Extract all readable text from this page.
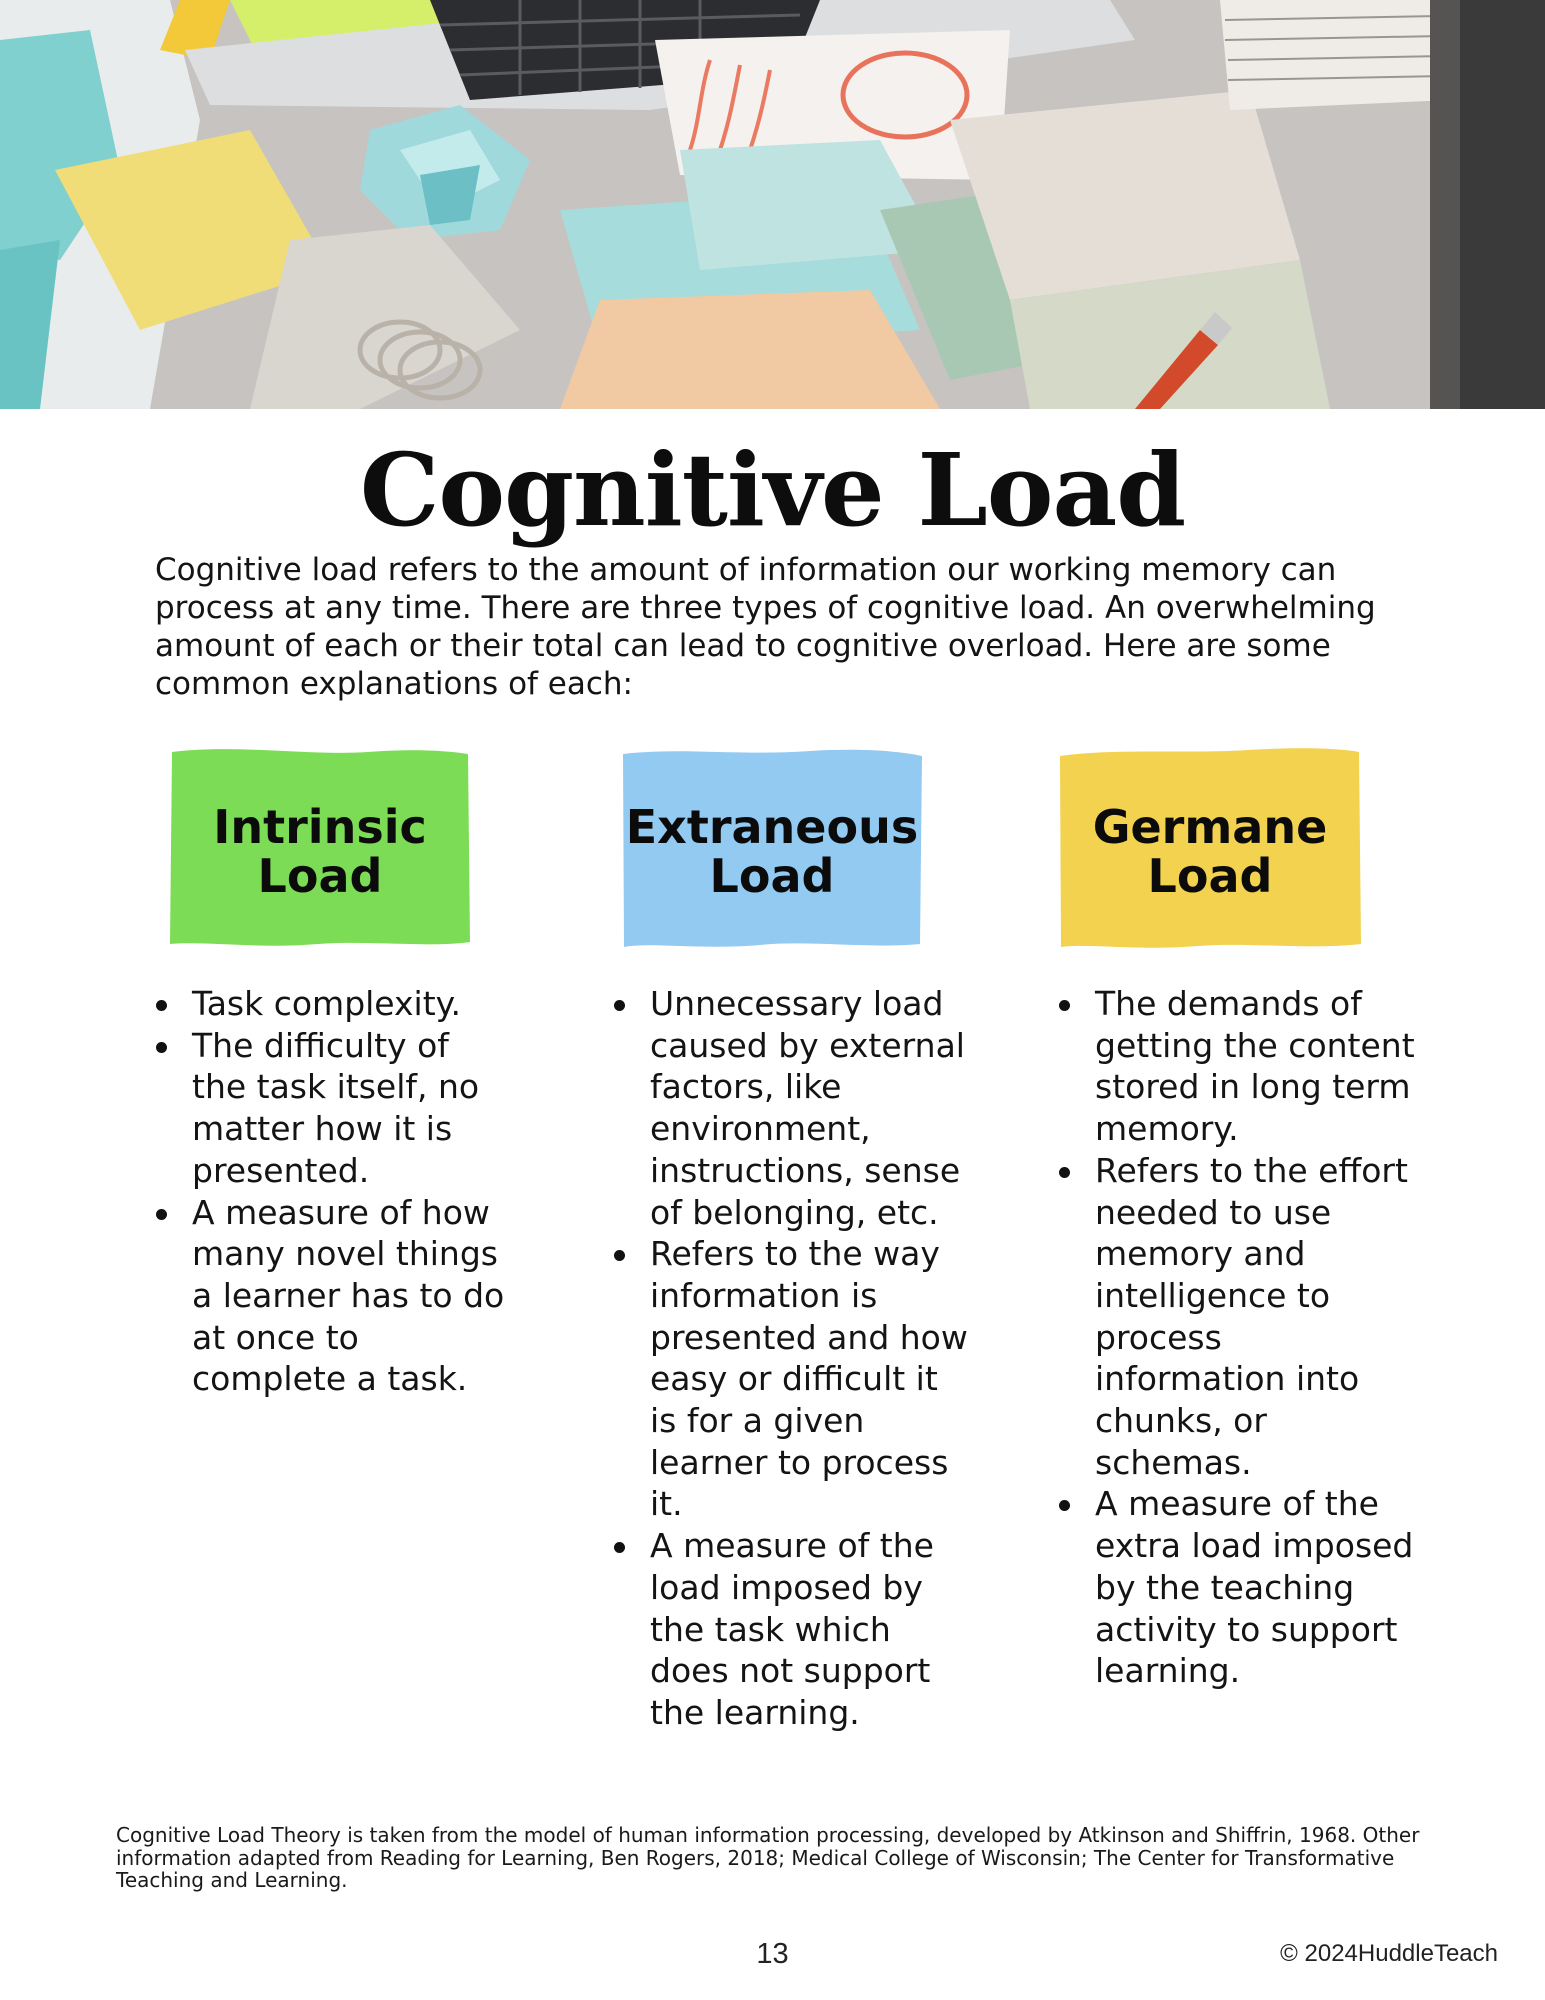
Cognitive Load

Cognitive load refers to the amount of information our working memory can process at any time. There are three types of cognitive load. An overwhelming amount of each or their total can lead to cognitive overload. Here are some common explanations of each:

Intrinsic
Load
Extraneous
Load
Germane
Load
Task complexity.
The difficulty of the task itself, no matter how it is presented.
A measure of how many novel things a learner has to do at once to complete a task.
Unnecessary load caused by external factors, like environment, instructions, sense of belonging, etc.
Refers to the way information is presented and how easy or difficult it is for a given learner to process it.
A measure of the load imposed by the task which does not support the learning.
The demands of getting the content stored in long term memory.
Refers to the effort needed to use memory and intelligence to process information into chunks, or schemas.
A measure of the extra load imposed by the teaching activity to support learning.

Cognitive Load Theory is taken from the model of human information processing, developed by Atkinson and Shiffrin, 1968. Other information adapted from Reading for Learning, Ben Rogers, 2018; Medical College of Wisconsin; The Center for Transformative Teaching and Learning.

13	© 2024HuddleTeach
